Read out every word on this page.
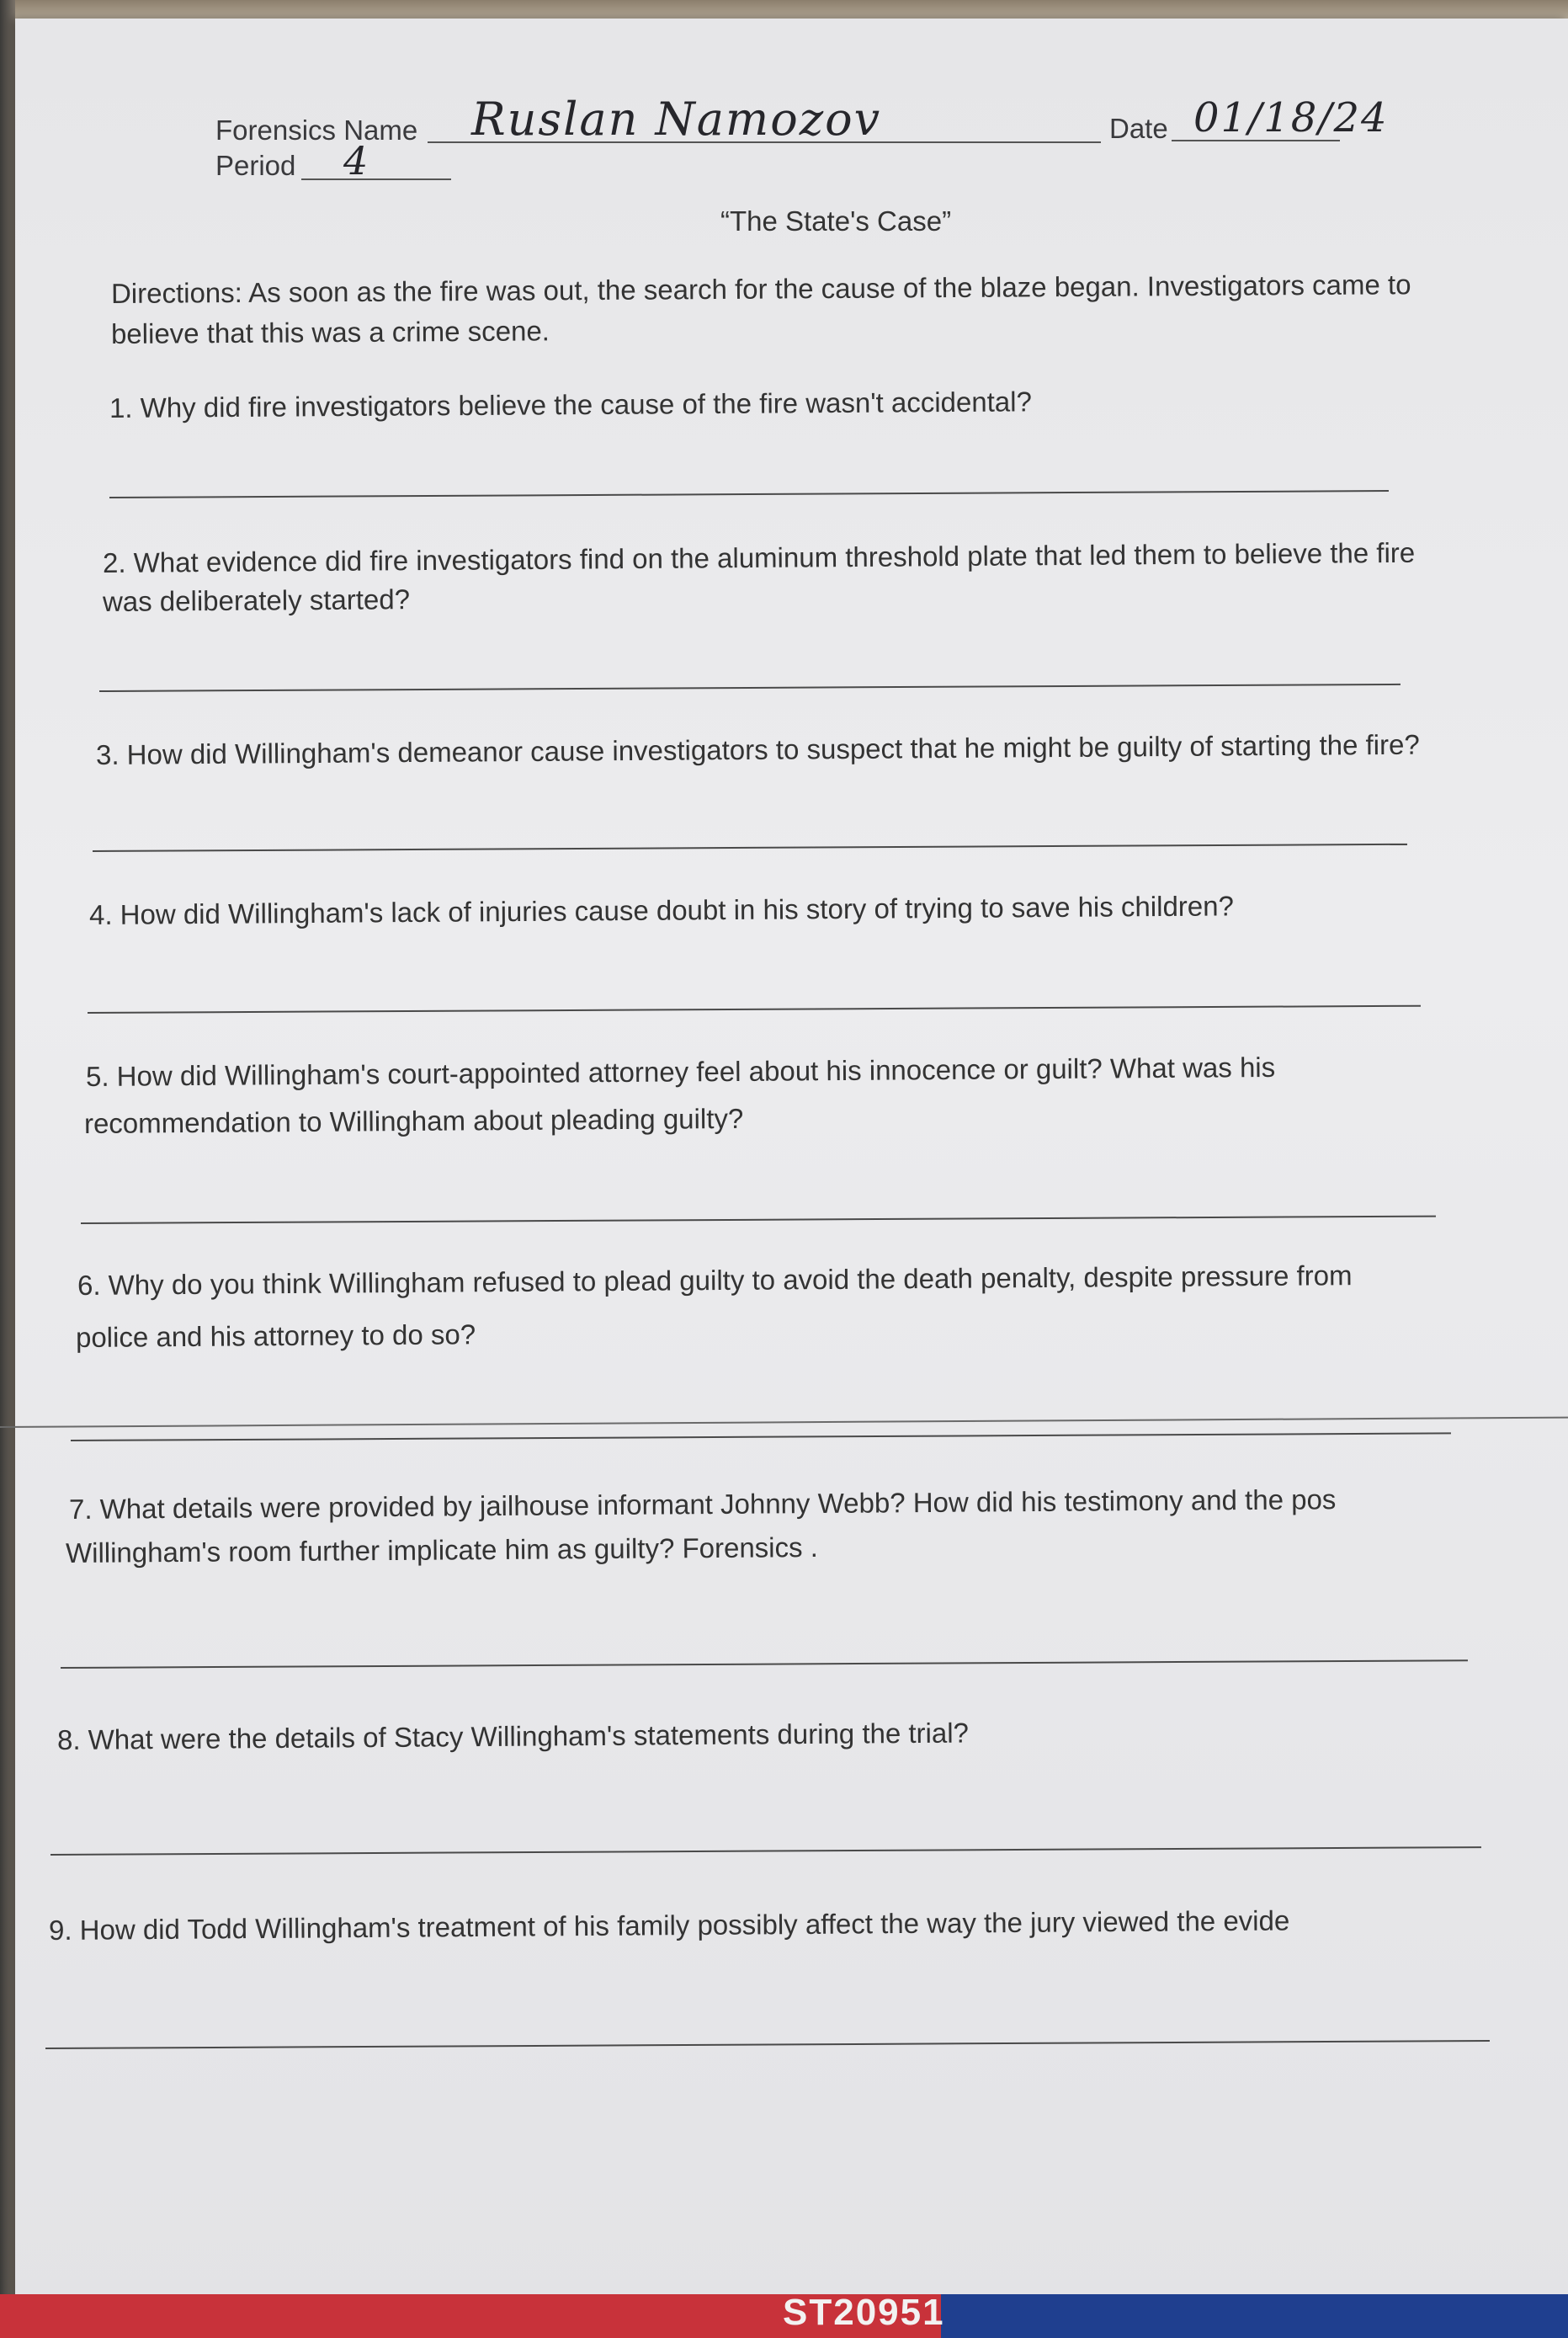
Forensics Name Ruslan Namozov	Date 01/18/24
Period 4
“The State's Case”
Directions: As soon as the fire was out, the search for the cause of the blaze began. Investigators came to
believe that this was a crime scene.
1. Why did fire investigators believe the cause of the fire wasn't accidental?
2. What evidence did fire investigators find on the aluminum threshold plate that led them to believe the fire
was deliberately started?
3. How did Willingham's demeanor cause investigators to suspect that he might be guilty of starting the fire?
4. How did Willingham's lack of injuries cause doubt in his story of trying to save his children?
5. How did Willingham's court-appointed attorney feel about his innocence or guilt? What was his
recommendation to Willingham about pleading guilty?
6. Why do you think Willingham refused to plead guilty to avoid the death penalty, despite pressure from
police and his attorney to do so?
7. What details were provided by jailhouse informant Johnny Webb? How did his testimony and the pos
Willingham's room further implicate him as guilty? Forensics .
8. What were the details of Stacy Willingham's statements during the trial?
9. How did Todd Willingham's treatment of his family possibly affect the way the jury viewed the evide
ST20951
